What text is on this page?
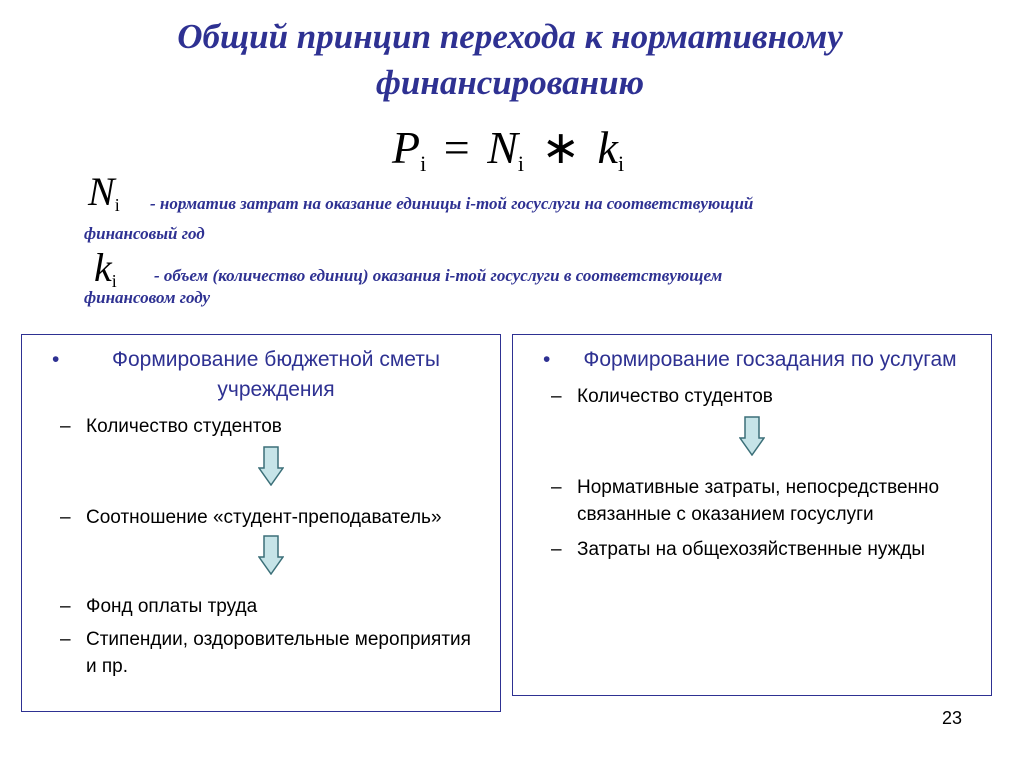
Общий принцип перехода к нормативному
финансированию
$P_i = N_i$ ∗ $k_i$
$N_i$ - норматив затрат на оказание единицы i-той госуслуги на соответствующий
финансовый год
$k_i$ - объем (количество единиц) оказания i-той госуслуги в соответствующем
финансовом году
•	Формирование бюджетной сметы учреждения
– Количество студентов
– Соотношение «студент-преподаватель»
– Фонд оплаты труда
– Стипендии, оздоровительные мероприятия и пр.
• Формирование госзадания по услугам
– Количество студентов
– Нормативные затраты, непосредственно связанные с оказанием госуслуги
– Затраты на общехозяйственные нужды
23
